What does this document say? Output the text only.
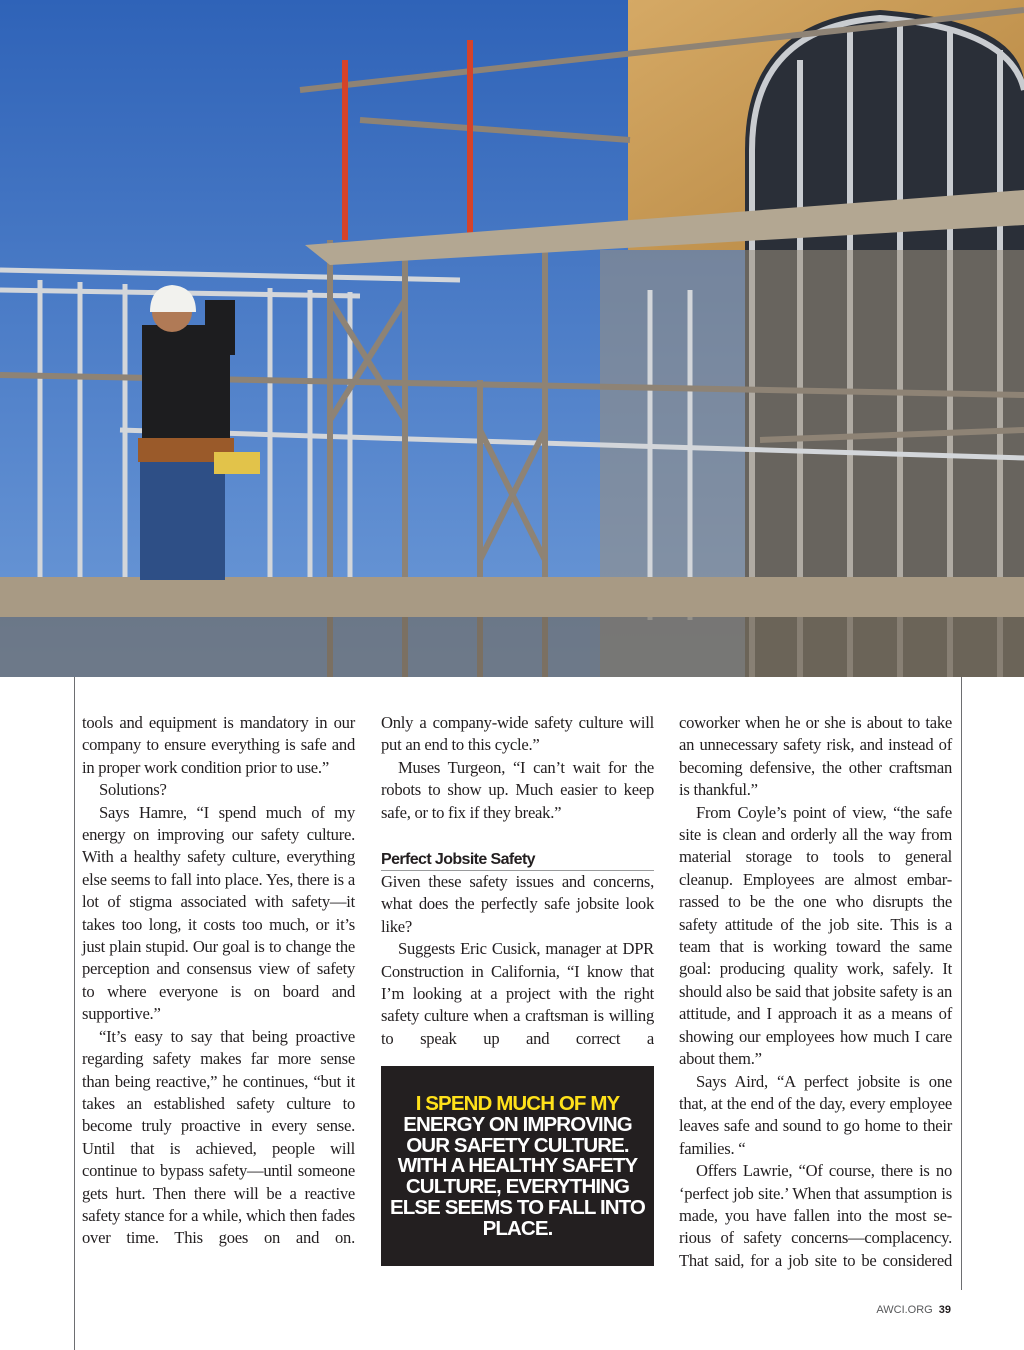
tools and equipment is mandatory in our company to ensure everything is safe and in proper work condition prior to use.”

Solutions?

Says Hamre, “I spend much of my energy on improving our safety culture. With a healthy safety culture, everything else seems to fall into place. Yes, there is a lot of stigma associated with safety—it takes too long, it costs too much, or it’s just plain stupid. Our goal is to change the perception and consensus view of safety to where everyone is on board and supportive.”

“It’s easy to say that being proactive regarding safety makes far more sense than being reactive,” he continues, “but it takes an established safety culture to become truly proactive in every sense. Until that is achieved, people will continue to bypass safety—until someone gets hurt. Then there will be a reactive safety stance for a while, which then fades over time. This goes on and on.

Only a company-wide safety culture will put an end to this cycle.”

Muses Turgeon, “I can’t wait for the robots to show up. Much easier to keep safe, or to fix if they break.”

Perfect Jobsite Safety

Given these safety issues and concerns, what does the perfectly safe jobsite look like?

Suggests Eric Cusick, manager at DPR Construction in California, “I know that I’m looking at a project with the right safety culture when a craftsman is willing to speak up and correct a

I SPEND MUCH OF MY
ENERGY ON IMPROVING OUR SAFETY CULTURE. WITH A HEALTHY SAFETY CULTURE, EVERYTHING ELSE SEEMS TO FALL INTO PLACE.

coworker when he or she is about to take an unnecessary safety risk, and instead of becoming defensive, the other craftsman is thankful.”

From Coyle’s point of view, “the safe site is clean and orderly all the way from material storage to tools to general cleanup. Employees are almost embar-rassed to be the one who disrupts the safety attitude of the job site. This is a team that is working toward the same goal: producing quality work, safely. It should also be said that jobsite safety is an attitude, and I approach it as a means of showing our employees how much I care about them.”

Says Aird, “A perfect jobsite is one that, at the end of the day, every employee leaves safe and sound to go home to their families. “

Offers Lawrie, “Of course, there is no ‘perfect job site.’ When that assumption is made, you have fallen into the most se-rious of safety concerns—complacency. That said, for a job site to be considered

AWCI.ORG 39
